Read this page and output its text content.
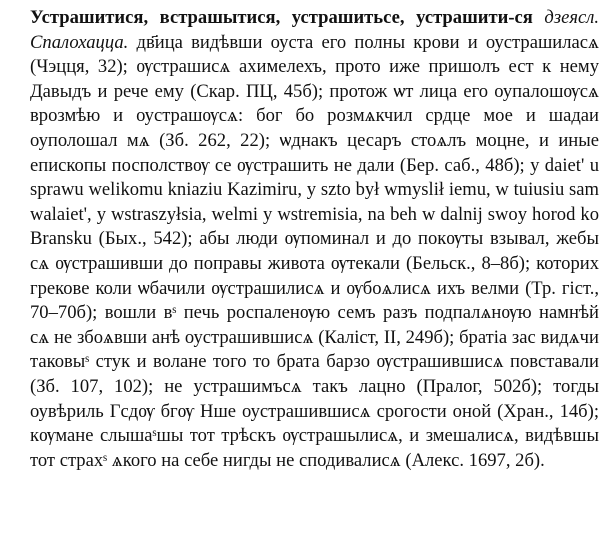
Устрашитися, встрашытися, устрашитьсе, устрашити-ся дзеясл. Спалохацца. дв҃ица видѣвши оуста его полны крови и оустрашиласѧ (Чэцця, 32); ѹстрашисѧ ахимелехъ, прото иже пришолъ ест к нему Давыдъ и рече ему (Скар. ПЦ, 45б); протож ѡт лица его оупалошѹсѧ врозмѣю и оустрашѹсѧ: бог бо розмѧкчил срдце мое и шадаи оуполошал мѧ (Зб. 262, 22); ѡднакъ цесаръ стоѧлъ моцне, и иные епископы посполствѹ се ѹстрашить не дали (Бер. саб., 48б); y daiet' u sprawu welikomu kniaziu Kazimiru, y szto był wmyslił iemu, w tuiusiu sam walaiet', y wstraszyłsia, welmi y wstremisia, na beh w dalnij swoy horod ko Bransku (Бых., 542); абы люди ѹпоминал и до покѹты взывал, жебы сѧ ѹстрашивши до поправы живота ѹтекали (Бельск., 8–8б); которих грекове коли ѡбачили ѹстрашилисѧ и ѹбоѧлисѧ ихъ велми (Тр. гіст., 70–70б); вошли вˢ печь роспаленѹю семъ разъ подпалѧнѹю намнѣй сѧ не збоѧвши анѣ оустрашившисѧ (Каліст, II, 249б); братia зас видѧчи таковыˢ стук и волане того то брата барзо ѹстрашившисѧ повставали (Зб. 107, 102); не устрашимъсѧ такъ лацно (Пралог, 502б); тогды оувѣриль Гсдѹ бгѹ Ншe оустрашившисѧ срогости оной (Хран., 14б); кѹмане слышаˢшы тот трѣскъ ѹстрашылисѧ, и змешалисѧ, видѣвшы тот страхˢ ѧкого на себе нигды не сподивалисѧ (Алекс. 1697, 2б).
